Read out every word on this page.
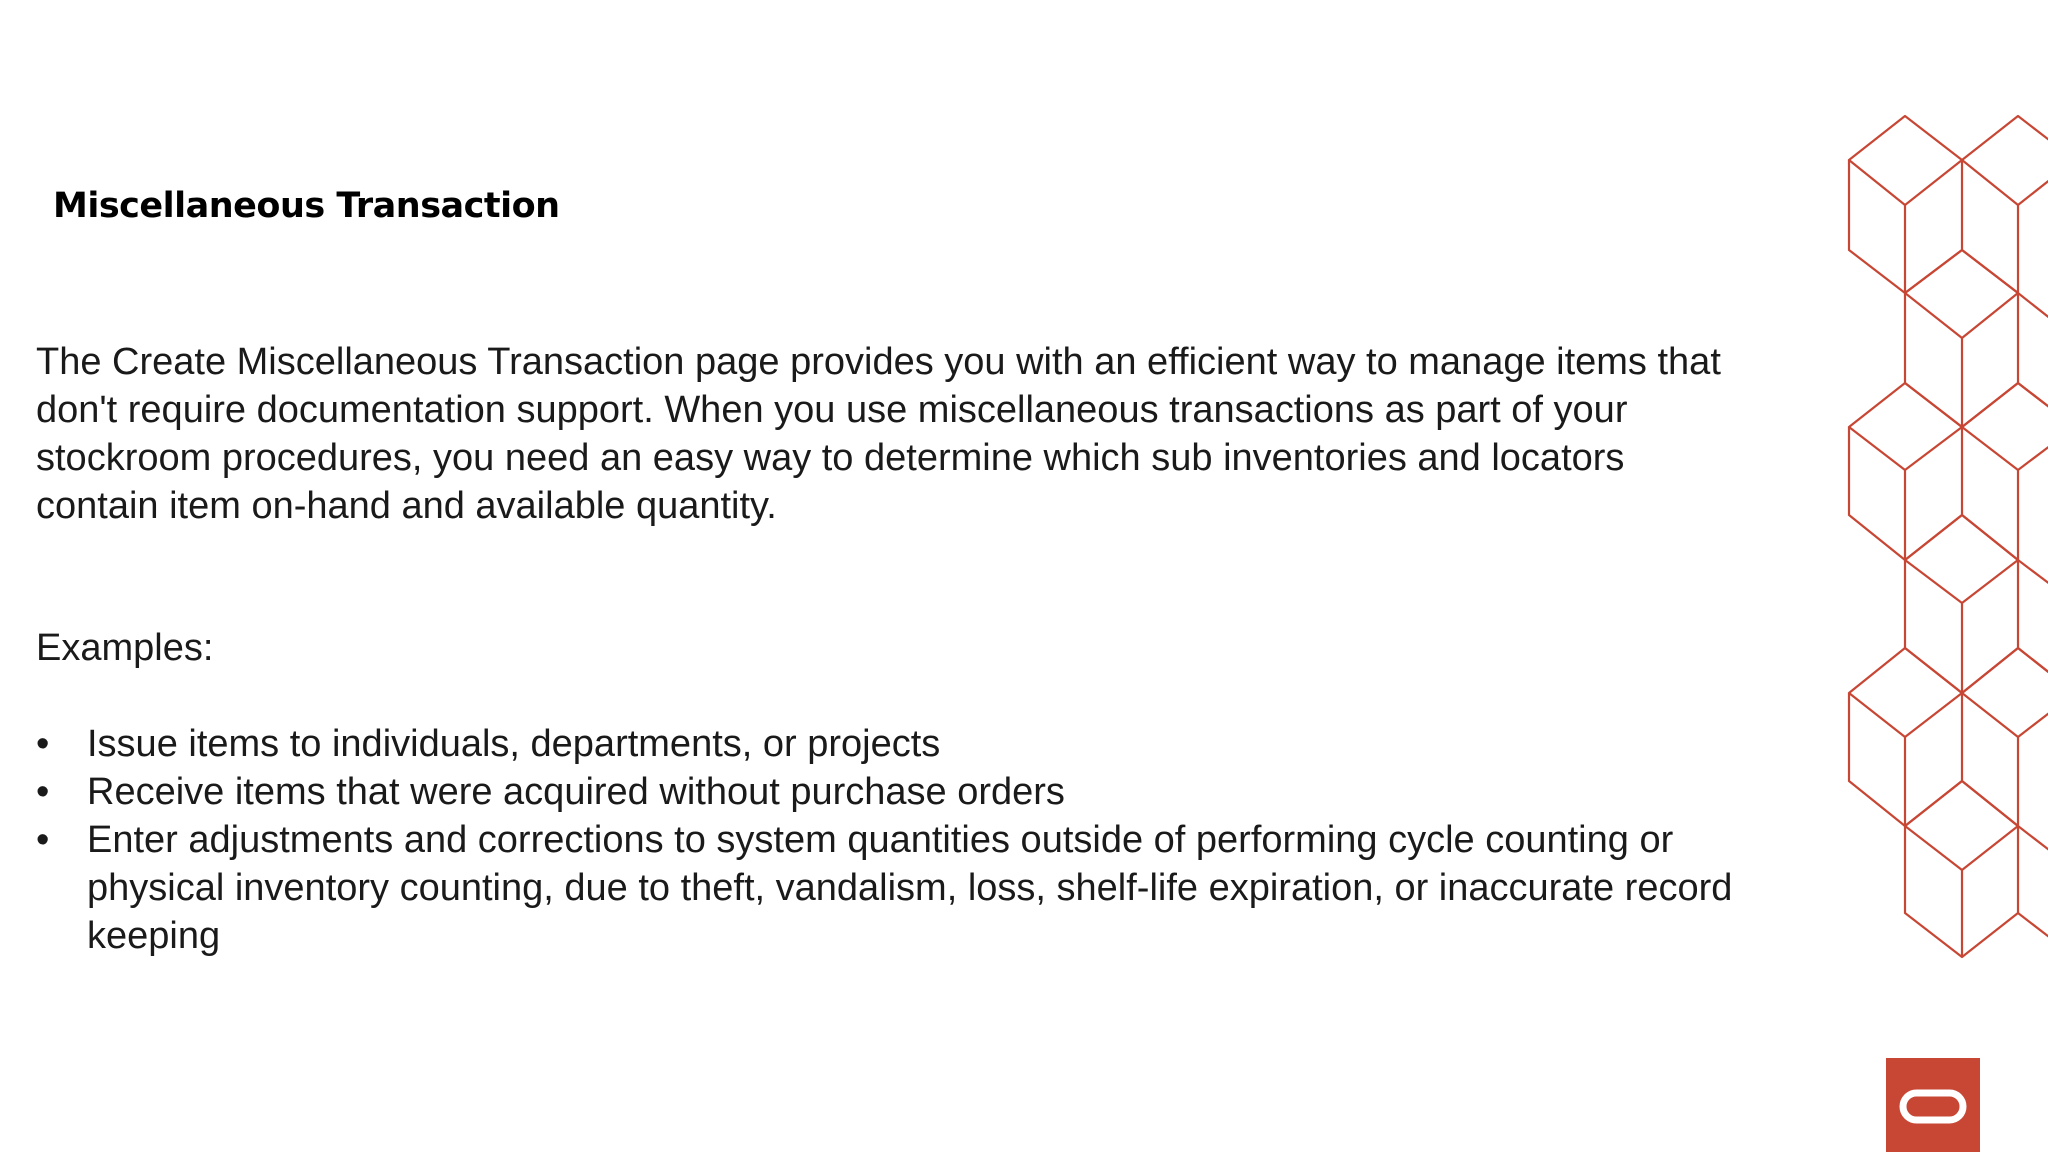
Miscellaneous Transaction

The Create Miscellaneous Transaction page provides you with an efficient way to manage items that don't require documentation support. When you use miscellaneous transactions as part of your stockroom procedures, you need an easy way to determine which sub inventories and locators contain item on-hand and available quantity.

Examples:

• Issue items to individuals, departments, or projects
• Receive items that were acquired without purchase orders
• Enter adjustments and corrections to system quantities outside of performing cycle counting or physical inventory counting, due to theft, vandalism, loss, shelf-life expiration, or inaccurate record keeping
